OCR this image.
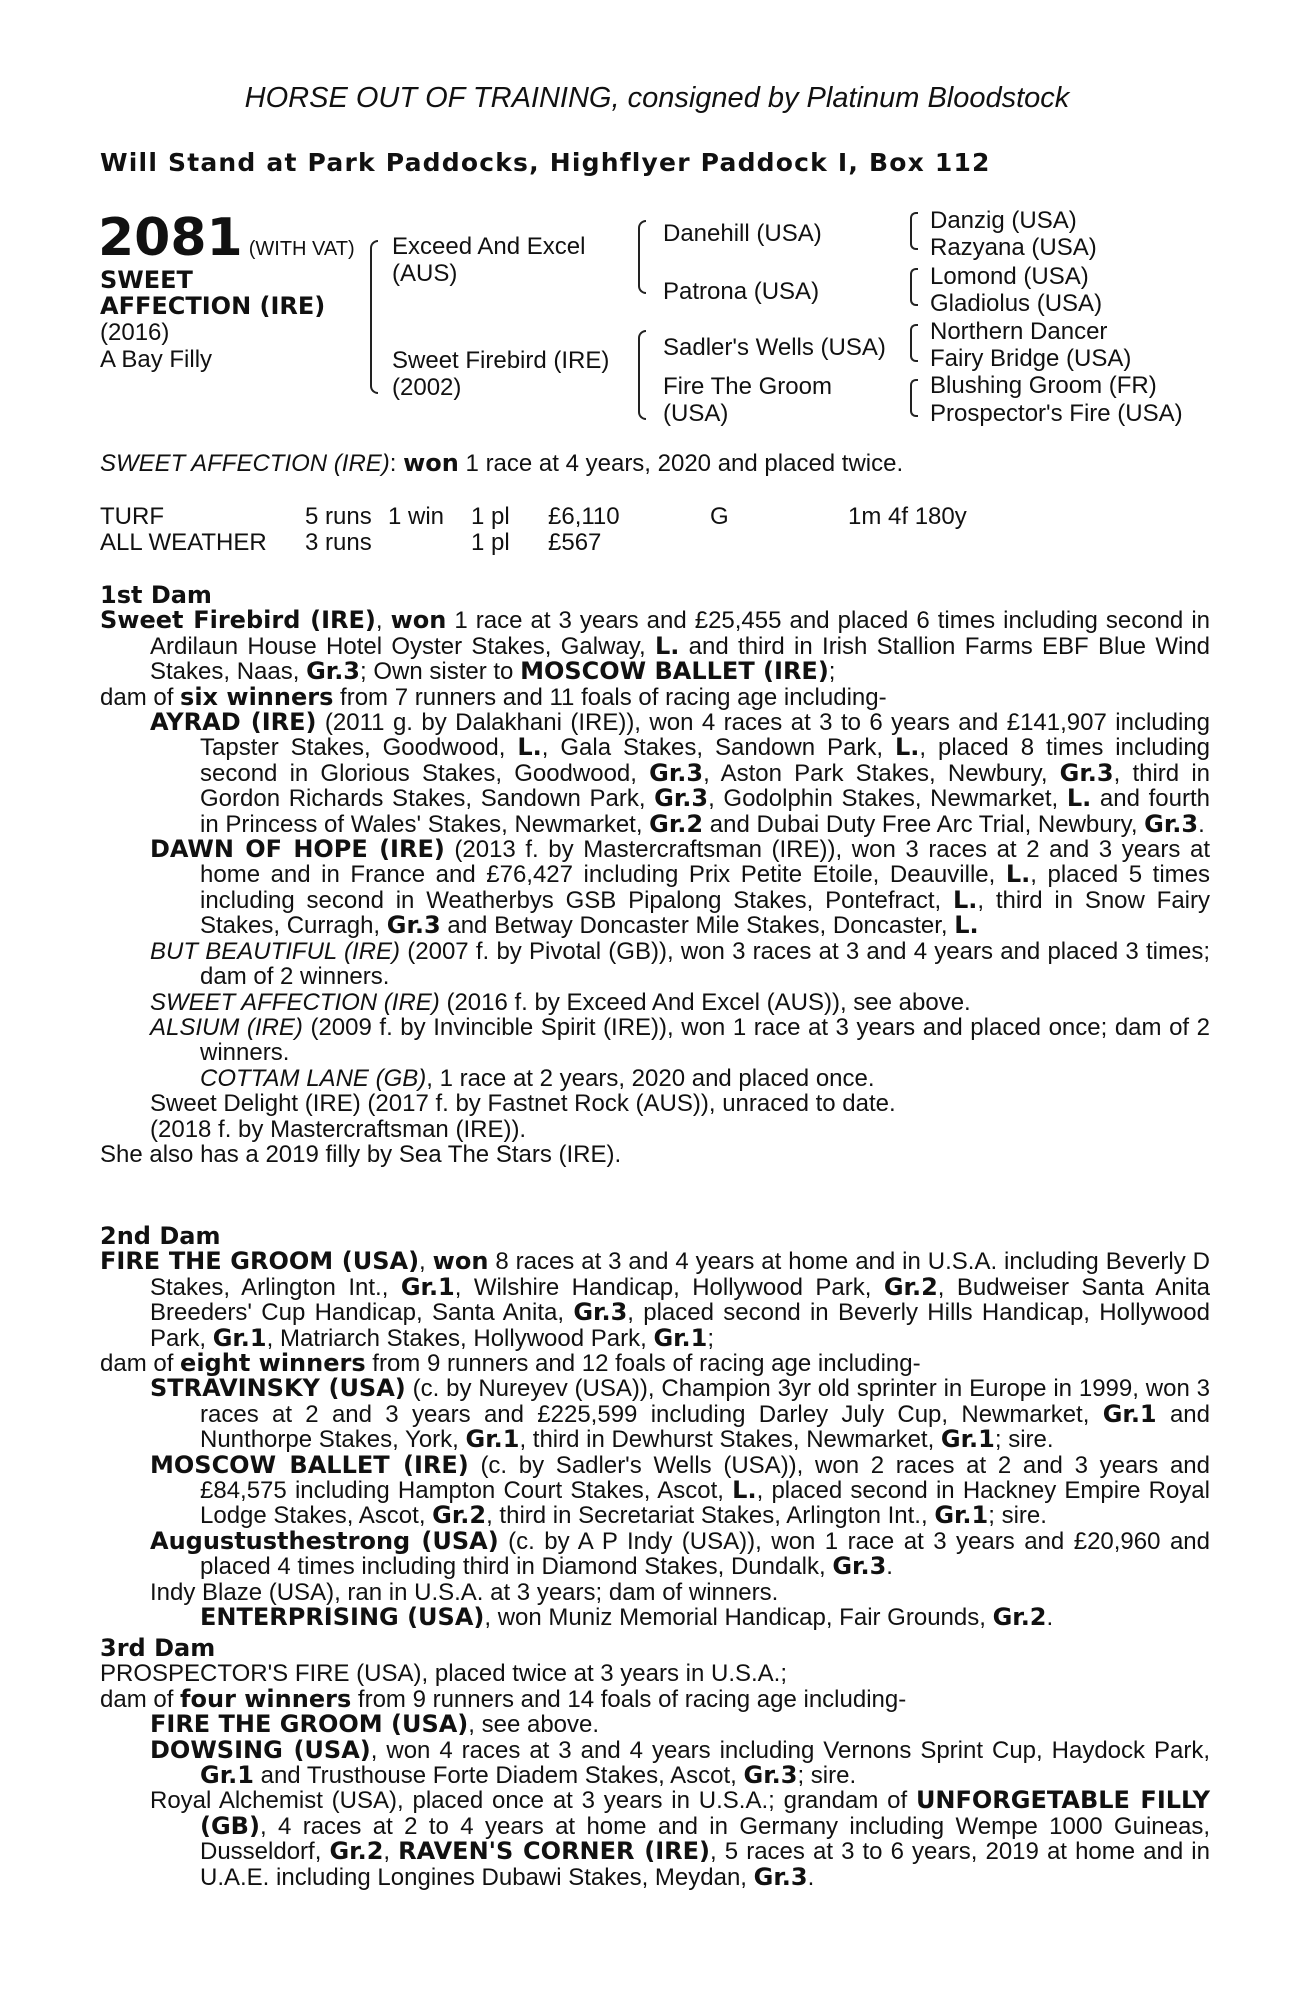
HORSE OUT OF TRAINING, consigned by Platinum Bloodstock
Will Stand at Park Paddocks, Highflyer Paddock I, Box 112
2081 (WITH VAT)
SWEET
AFFECTION (IRE)
(2016)
A Bay Filly
Exceed And Excel
(AUS)
Sweet Firebird (IRE)
(2002)
Danehill (USA)
Patrona (USA)
Sadler's Wells (USA)
Fire The Groom
(USA)
Danzig (USA)
Razyana (USA)
Lomond (USA)
Gladiolus (USA)
Northern Dancer
Fairy Bridge (USA)
Blushing Groom (FR)
Prospector's Fire (USA)
SWEET AFFECTION (IRE): won 1 race at 4 years, 2020 and placed twice.
TURF	5 runs 1 win 1 pl £6,110	G	1m 4f 180y
ALL WEATHER 3 runs	1 pl £567

1st Dam

Sweet Firebird (IRE), won 1 race at 3 years and £25,455 and placed 6 times including second in Ardilaun House Hotel Oyster Stakes, Galway, L. and third in Irish Stallion Farms EBF Blue Wind Stakes, Naas, Gr.3; Own sister to MOSCOW BALLET (IRE);

dam of six winners from 7 runners and 11 foals of racing age including-

AYRAD (IRE) (2011 g. by Dalakhani (IRE)), won 4 races at 3 to 6 years and £141,907 including Tapster Stakes, Goodwood, L., Gala Stakes, Sandown Park, L., placed 8 times including second in Glorious Stakes, Goodwood, Gr.3, Aston Park Stakes, Newbury, Gr.3, third in Gordon Richards Stakes, Sandown Park, Gr.3, Godolphin Stakes, Newmarket, L. and fourth in Princess of Wales' Stakes, Newmarket, Gr.2 and Dubai Duty Free Arc Trial, Newbury, Gr.3.

DAWN OF HOPE (IRE) (2013 f. by Mastercraftsman (IRE)), won 3 races at 2 and 3 years at home and in France and £76,427 including Prix Petite Etoile, Deauville, L., placed 5 times including second in Weatherbys GSB Pipalong Stakes, Pontefract, L., third in Snow Fairy Stakes, Curragh, Gr.3 and Betway Doncaster Mile Stakes, Doncaster, L.

BUT BEAUTIFUL (IRE) (2007 f. by Pivotal (GB)), won 3 races at 3 and 4 years and placed 3 times; dam of 2 winners.

SWEET AFFECTION (IRE) (2016 f. by Exceed And Excel (AUS)), see above.

ALSIUM (IRE) (2009 f. by Invincible Spirit (IRE)), won 1 race at 3 years and placed once; dam of 2 winners.

COTTAM LANE (GB), 1 race at 2 years, 2020 and placed once.

Sweet Delight (IRE) (2017 f. by Fastnet Rock (AUS)), unraced to date.

(2018 f. by Mastercraftsman (IRE)).

She also has a 2019 filly by Sea The Stars (IRE).

2nd Dam

FIRE THE GROOM (USA), won 8 races at 3 and 4 years at home and in U.S.A. including Beverly D Stakes, Arlington Int., Gr.1, Wilshire Handicap, Hollywood Park, Gr.2, Budweiser Santa Anita Breeders' Cup Handicap, Santa Anita, Gr.3, placed second in Beverly Hills Handicap, Hollywood Park, Gr.1, Matriarch Stakes, Hollywood Park, Gr.1;

dam of eight winners from 9 runners and 12 foals of racing age including-

STRAVINSKY (USA) (c. by Nureyev (USA)), Champion 3yr old sprinter in Europe in 1999, won 3 races at 2 and 3 years and £225,599 including Darley July Cup, Newmarket, Gr.1 and Nunthorpe Stakes, York, Gr.1, third in Dewhurst Stakes, Newmarket, Gr.1; sire.

MOSCOW BALLET (IRE) (c. by Sadler's Wells (USA)), won 2 races at 2 and 3 years and £84,575 including Hampton Court Stakes, Ascot, L., placed second in Hackney Empire Royal Lodge Stakes, Ascot, Gr.2, third in Secretariat Stakes, Arlington Int., Gr.1; sire.

Augustusthestrong (USA) (c. by A P Indy (USA)), won 1 race at 3 years and £20,960 and placed 4 times including third in Diamond Stakes, Dundalk, Gr.3.

Indy Blaze (USA), ran in U.S.A. at 3 years; dam of winners.

ENTERPRISING (USA), won Muniz Memorial Handicap, Fair Grounds, Gr.2.

3rd Dam

PROSPECTOR'S FIRE (USA), placed twice at 3 years in U.S.A.;

dam of four winners from 9 runners and 14 foals of racing age including-

FIRE THE GROOM (USA), see above.

DOWSING (USA), won 4 races at 3 and 4 years including Vernons Sprint Cup, Haydock Park, Gr.1 and Trusthouse Forte Diadem Stakes, Ascot, Gr.3; sire.

Royal Alchemist (USA), placed once at 3 years in U.S.A.; grandam of UNFORGETABLE FILLY (GB), 4 races at 2 to 4 years at home and in Germany including Wempe 1000 Guineas, Dusseldorf, Gr.2, RAVEN'S CORNER (IRE), 5 races at 3 to 6 years, 2019 at home and in U.A.E. including Longines Dubawi Stakes, Meydan, Gr.3.
